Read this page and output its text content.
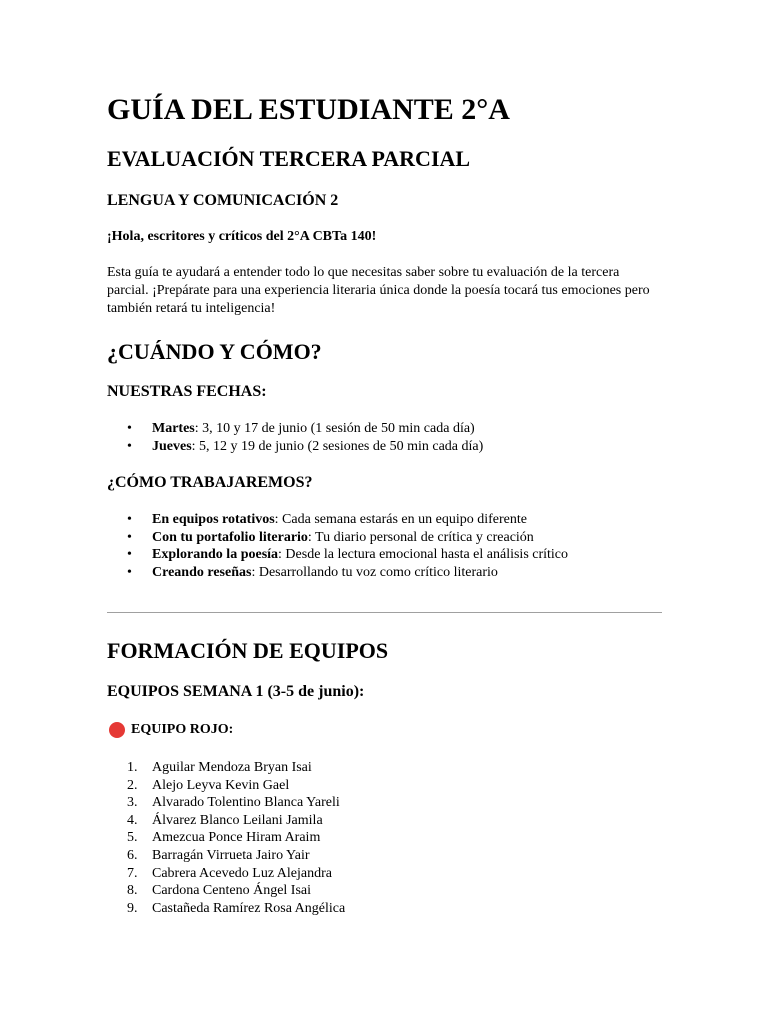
GUÍA DEL ESTUDIANTE 2°A
EVALUACIÓN TERCERA PARCIAL

LENGUA Y COMUNICACIÓN 2

¡Hola, escritores y críticos del 2°A CBTa 140!

Esta guía te ayudará a entender todo lo que necesitas saber sobre tu evaluación de la tercera parcial. ¡Prepárate para una experiencia literaria única donde la poesía tocará tus emociones pero también retará tu inteligencia!

¿CUÁNDO Y CÓMO?

NUESTRAS FECHAS:

• Martes: 3, 10 y 17 de junio (1 sesión de 50 min cada día)
• Jueves: 5, 12 y 19 de junio (2 sesiones de 50 min cada día)

¿CÓMO TRABAJAREMOS?

• En equipos rotativos: Cada semana estarás en un equipo diferente
• Con tu portafolio literario: Tu diario personal de crítica y creación
• Explorando la poesía: Desde la lectura emocional hasta el análisis crítico
• Creando reseñas: Desarrollando tu voz como crítico literario
FORMACIÓN DE EQUIPOS

EQUIPOS SEMANA 1 (3-5 de junio):

EQUIPO ROJO:
1. Aguilar Mendoza Bryan Isai
2. Alejo Leyva Kevin Gael
3. Alvarado Tolentino Blanca Yareli
4. Álvarez Blanco Leilani Jamila
5. Amezcua Ponce Hiram Araim
6. Barragán Virrueta Jairo Yair
7. Cabrera Acevedo Luz Alejandra
8. Cardona Centeno Ángel Isai
9. Castañeda Ramírez Rosa Angélica
